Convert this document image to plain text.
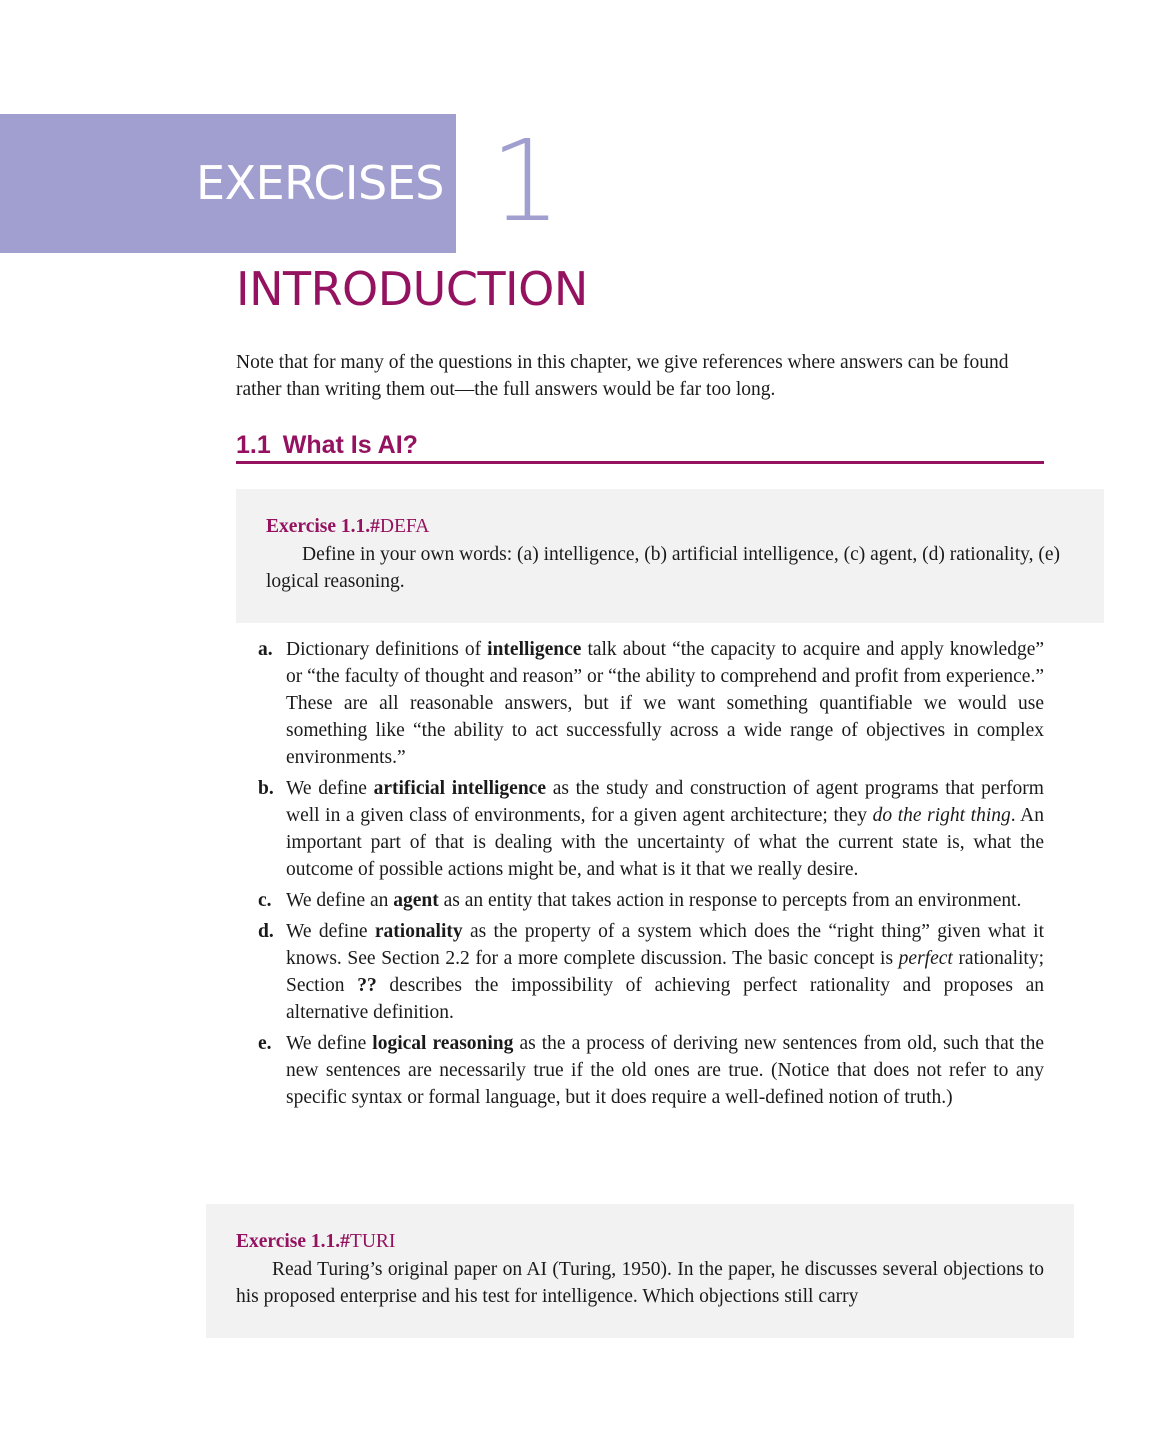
EXERCISES 1
INTRODUCTION

Note that for many of the questions in this chapter, we give references where answers can be found rather than writing them out—the full answers would be far too long.

1.1 What Is AI?
Exercise 1.1.#DEFA

Define in your own words: (a) intelligence, (b) artificial intelligence, (c) agent, (d) rationality, (e) logical reasoning.

a. Dictionary definitions of intelligence talk about “the capacity to acquire and apply knowledge” or “the faculty of thought and reason” or “the ability to comprehend and profit from experience.” These are all reasonable answers, but if we want something quantifiable we would use something like “the ability to act successfully across a wide range of objectives in complex environments.”
b. We define artificial intelligence as the study and construction of agent programs that perform well in a given class of environments, for a given agent architecture; they do the right thing. An important part of that is dealing with the uncertainty of what the current state is, what the outcome of possible actions might be, and what is it that we really desire.
c. We define an agent as an entity that takes action in response to percepts from an environment.
d. We define rationality as the property of a system which does the “right thing” given what it knows. See Section 2.2 for a more complete discussion. The basic concept is perfect rationality; Section ?? describes the impossibility of achieving perfect rationality and proposes an alternative definition.
e. We define logical reasoning as the a process of deriving new sentences from old, such that the new sentences are necessarily true if the old ones are true. (Notice that does not refer to any specific syntax or formal language, but it does require a well-defined notion of truth.)
Exercise 1.1.#TURI

Read Turing’s original paper on AI (Turing, 1950). In the paper, he discusses several objections to his proposed enterprise and his test for intelligence. Which objections still carry
